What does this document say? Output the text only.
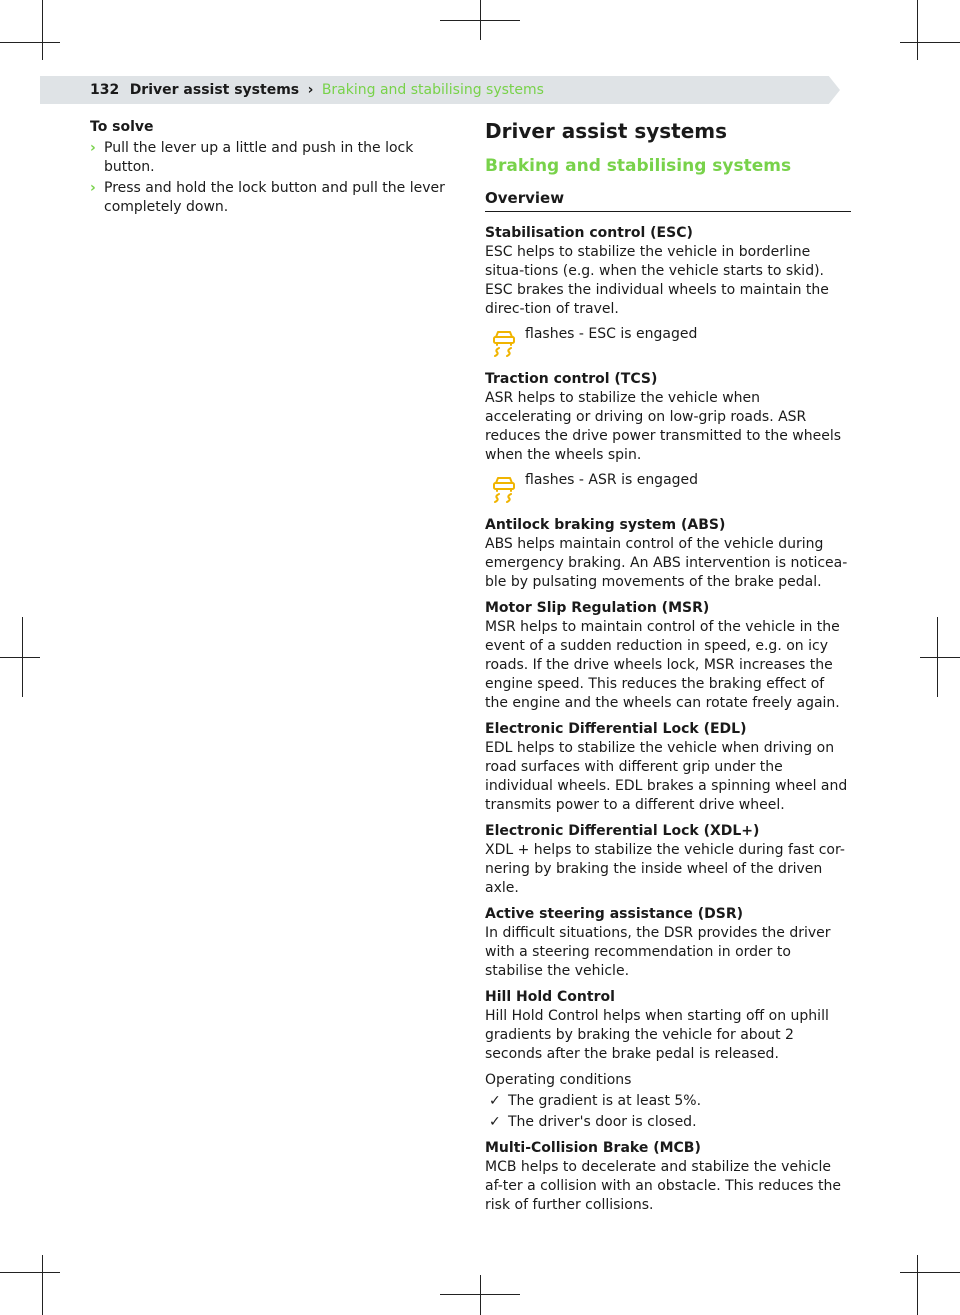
132 Driver assist systems › Braking and stabilising systems
To solve
› Pull the lever up a little and push in the lock button.
› Press and hold the lock button and pull the lever completely down.
Driver assist systems
Braking and stabilising systems
Overview
Stabilisation control (ESC)
ESC helps to stabilize the vehicle in borderline situa-tions (e.g. when the vehicle starts to skid). ESC brakes the individual wheels to maintain the direc-tion of travel.
flashes - ESC is engaged
Traction control (TCS)
ASR helps to stabilize the vehicle when accelerating or driving on low-grip roads. ASR reduces the drive power transmitted to the wheels when the wheels spin.
flashes - ASR is engaged
Antilock braking system (ABS)
ABS helps maintain control of the vehicle during emergency braking. An ABS intervention is noticea-ble by pulsating movements of the brake pedal.
Motor Slip Regulation (MSR)
MSR helps to maintain control of the vehicle in the event of a sudden reduction in speed, e.g. on icy roads. If the drive wheels lock, MSR increases the engine speed. This reduces the braking effect of the engine and the wheels can rotate freely again.
Electronic Differential Lock (EDL)
EDL helps to stabilize the vehicle when driving on road surfaces with different grip under the individual wheels. EDL brakes a spinning wheel and transmits power to a different drive wheel.
Electronic Differential Lock (XDL+)
XDL + helps to stabilize the vehicle during fast cor-nering by braking the inside wheel of the driven axle.
Active steering assistance (DSR)
In difficult situations, the DSR provides the driver with a steering recommendation in order to stabilise the vehicle.
Hill Hold Control
Hill Hold Control helps when starting off on uphill gradients by braking the vehicle for about 2 seconds after the brake pedal is released.
Operating conditions
✓ The gradient is at least 5%.
✓ The driver's door is closed.
Multi-Collision Brake (MCB)
MCB helps to decelerate and stabilize the vehicle af-ter a collision with an obstacle. This reduces the risk of further collisions.
